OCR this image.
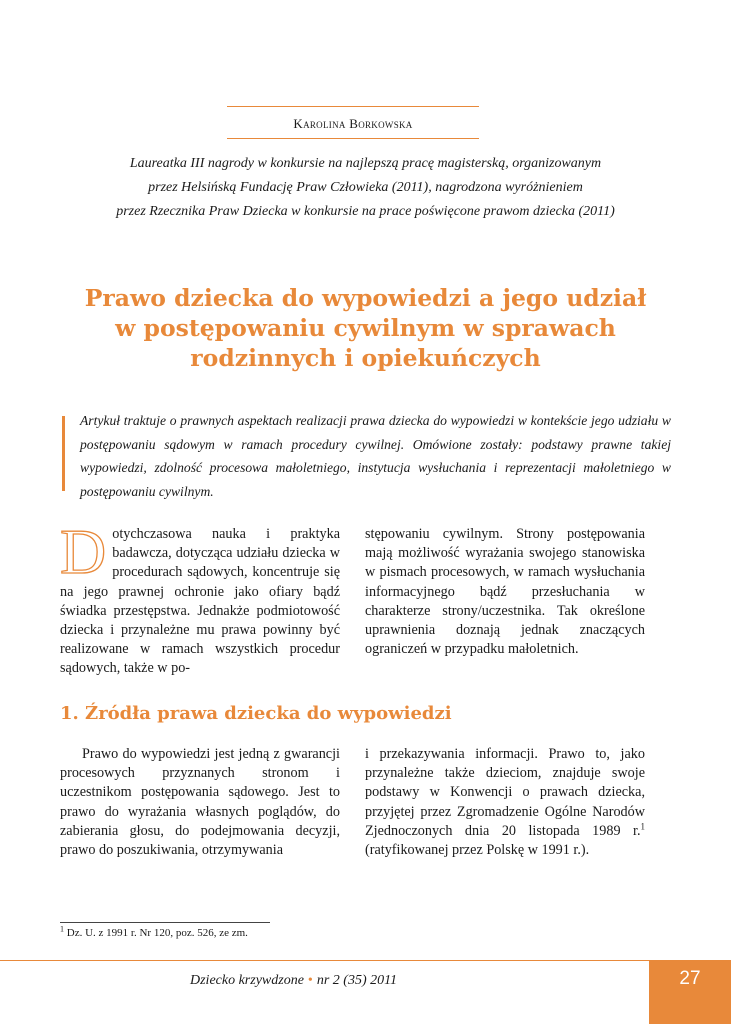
Karolina Borkowska
Laureatka III nagrody w konkursie na najlepszą pracę magisterską, organizowanym
przez Helsińską Fundację Praw Człowieka (2011), nagrodzona wyróżnieniem
przez Rzecznika Praw Dziecka w konkursie na prace poświęcone prawom dziecka (2011)
Prawo dziecka do wypowiedzi a jego udział
w postępowaniu cywilnym w sprawach
rodzinnych i opiekuńczych
Artykuł traktuje o prawnych aspektach realizacji prawa dziecka do wypowiedzi w kontekście jego udziału w postępowaniu sądowym w ramach procedury cywilnej. Omówione zostały: podstawy prawne takiej wypowiedzi, zdolność procesowa małoletniego, instytucja wysłuchania i reprezentacji małoletniego w postępowaniu cywilnym.

Dotychczasowa nauka i praktyka badawcza, dotycząca udziału dziecka w procedurach sądowych, koncentruje się na jego prawnej ochronie jako ofiary bądź świadka przestępstwa. Jednakże podmiotowość dziecka i przynależne mu prawa powinny być realizowane w ramach wszystkich procedur sądowych, także w po-

stępowaniu cywilnym. Strony postępowania mają możliwość wyrażania swojego stanowiska w pismach procesowych, w ramach wysłuchania informacyjnego bądź przesłuchania w charakterze strony/uczestnika. Tak określone uprawnienia doznają jednak znaczących ograniczeń w przypadku małoletnich.

1. Źródła prawa dziecka do wypowiedzi

Prawo do wypowiedzi jest jedną z gwarancji procesowych przyznanych stronom i uczestnikom postępowania sądowego. Jest to prawo do wyrażania własnych poglądów, do zabierania głosu, do podejmowania decyzji, prawo do poszukiwania, otrzymywania

i przekazywania informacji. Prawo to, jako przynależne także dzieciom, znajduje swoje podstawy w Konwencji o prawach dziecka, przyjętej przez Zgromadzenie Ogólne Narodów Zjednoczonych dnia 20 listopada 1989 r.$^1$ (ratyfikowanej przez Polskę w 1991 r.).

$^1$ Dz. U. z 1991 r. Nr 120, poz. 526, ze zm.
Dziecko krzywdzone • nr 2 (35) 2011	27
